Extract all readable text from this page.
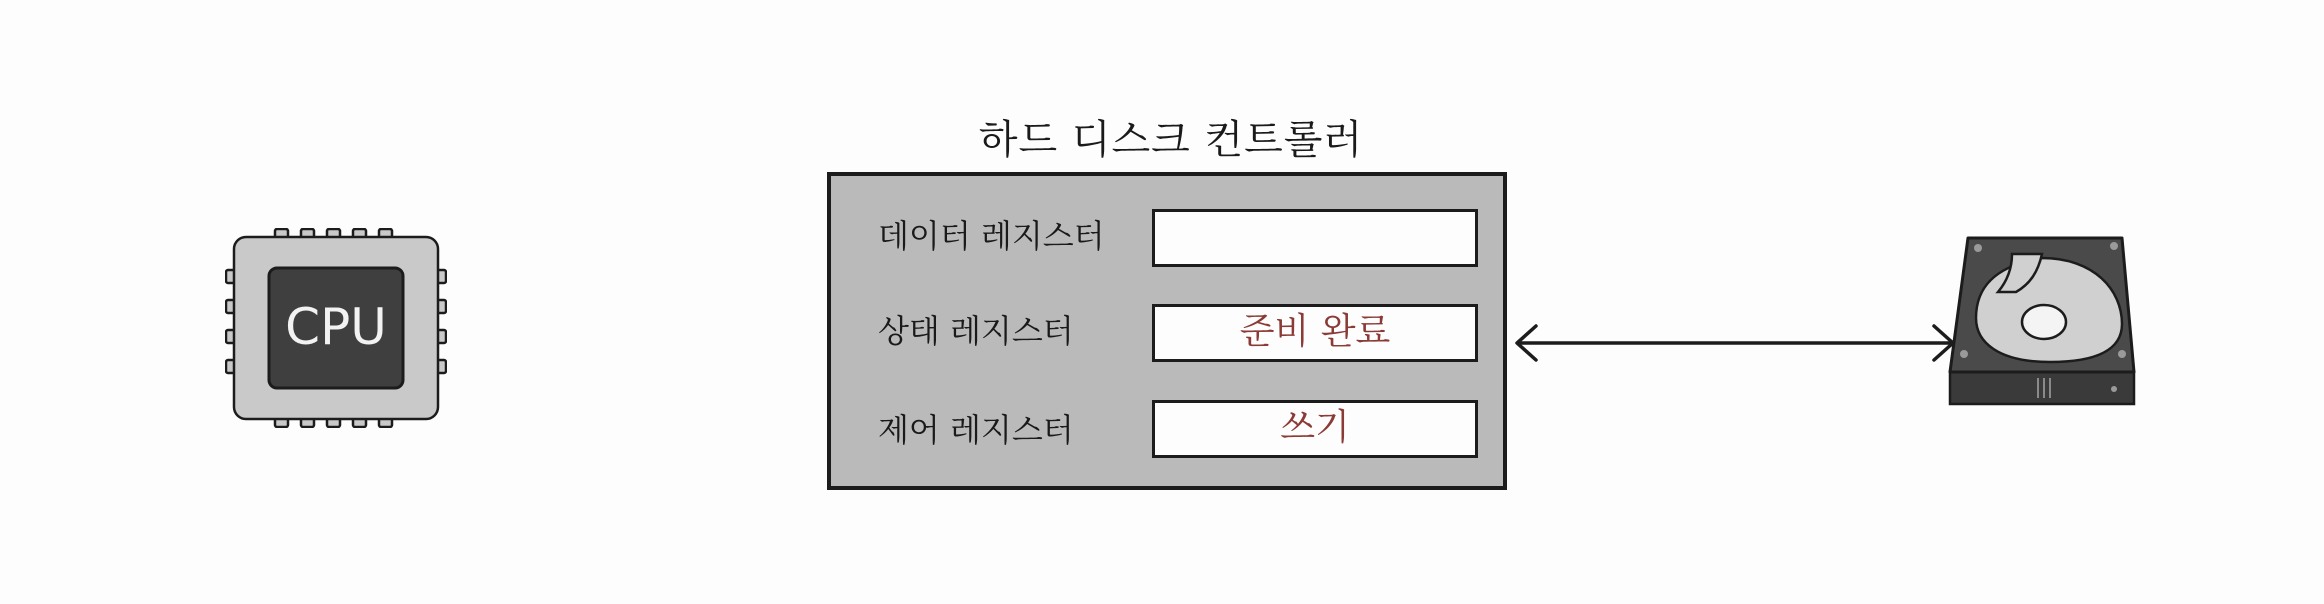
CPU
하드 디스크 컨트롤러
데이터 레지스터
상태 레지스터	준비 완료
제어 레지스터	쓰기
